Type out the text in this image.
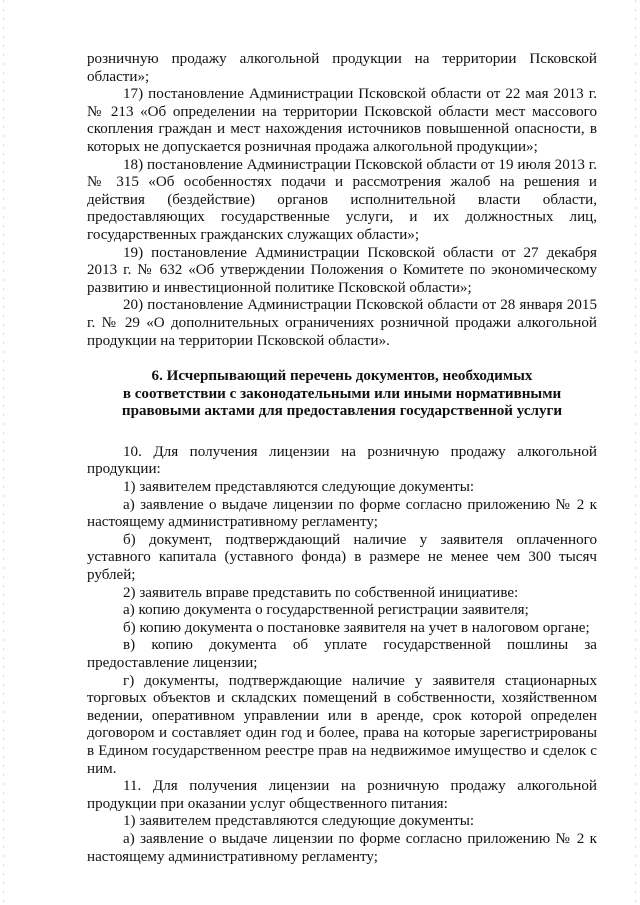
розничную продажу алкогольной продукции на территории Псковской области»;

17) постановление Администрации Псковской области от 22 мая 2013 г. № 213 «Об определении на территории Псковской области мест массового скопления граждан и мест нахождения источников повышенной опасности, в которых не допускается розничная продажа алкогольной продукции»;

18) постановление Администрации Псковской области от 19 июля 2013 г. № 315 «Об особенностях подачи и рассмотрения жалоб на решения и действия (бездействие) органов исполнительной власти области, предоставляющих государственные услуги, и их должностных лиц, государственных гражданских служащих области»;

19) постановление Администрации Псковской области от 27 декабря 2013 г. № 632 «Об утверждении Положения о Комитете по экономическому развитию и инвестиционной политике Псковской области»;

20) постановление Администрации Псковской области от 28 января 2015 г. № 29 «О дополнительных ограничениях розничной продажи алкогольной продукции на территории Псковской области».

6. Исчерпывающий перечень документов, необходимых
в соответствии с законодательными или иными нормативными
правовыми актами для предоставления государственной услуги

10. Для получения лицензии на розничную продажу алкогольной продукции:

1) заявителем представляются следующие документы:

а) заявление о выдаче лицензии по форме согласно приложению № 2 к настоящему административному регламенту;

б) документ, подтверждающий наличие у заявителя оплаченного уставного капитала (уставного фонда) в размере не менее чем 300 тысяч рублей;

2) заявитель вправе представить по собственной инициативе:

а) копию документа о государственной регистрации заявителя;

б) копию документа о постановке заявителя на учет в налоговом органе;

в) копию документа об уплате государственной пошлины за предоставление лицензии;

г) документы, подтверждающие наличие у заявителя стационарных торговых объектов и складских помещений в собственности, хозяйственном ведении, оперативном управлении или в аренде, срок которой определен договором и составляет один год и более, права на которые зарегистрированы в Едином государственном реестре прав на недвижимое имущество и сделок с ним.

11. Для получения лицензии на розничную продажу алкогольной продукции при оказании услуг общественного питания:

1) заявителем представляются следующие документы:

а) заявление о выдаче лицензии по форме согласно приложению № 2 к настоящему административному регламенту;
